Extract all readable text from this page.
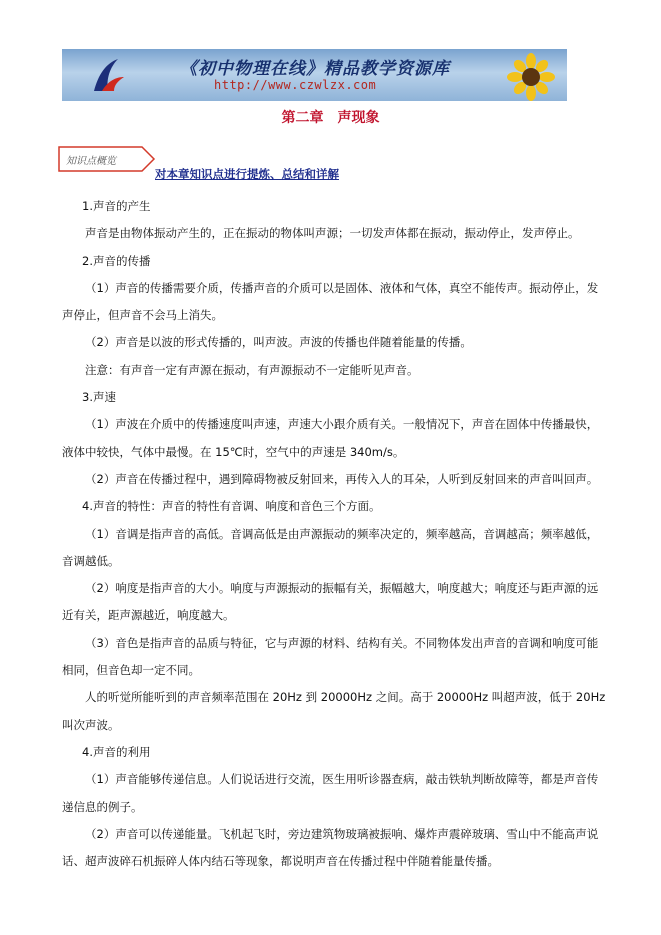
《初中物理在线》精品教学资源库
http://www.czwlzx.com
第二章 声现象
知识点概览
对本章知识点进行提炼、总结和详解

1.声音的产生

声音是由物体振动产生的，正在振动的物体叫声源；一切发声体都在振动，振动停止，发声停止。

2.声音的传播

（1）声音的传播需要介质，传播声音的介质可以是固体、液体和气体，真空不能传声。振动停止，发声停止，但声音不会马上消失。

（2）声音是以波的形式传播的，叫声波。声波的传播也伴随着能量的传播。

注意：有声音一定有声源在振动，有声源振动不一定能听见声音。

3.声速

（1）声波在介质中的传播速度叫声速，声速大小跟介质有关。一般情况下，声音在固体中传播最快，液体中较快，气体中最慢。在 15℃时，空气中的声速是 340m/s。

（2）声音在传播过程中，遇到障碍物被反射回来，再传入人的耳朵，人听到反射回来的声音叫回声。

4.声音的特性：声音的特性有音调、响度和音色三个方面。

（1）音调是指声音的高低。音调高低是由声源振动的频率决定的，频率越高，音调越高；频率越低，音调越低。

（2）响度是指声音的大小。响度与声源振动的振幅有关，振幅越大，响度越大；响度还与距声源的远近有关，距声源越近，响度越大。

（3）音色是指声音的品质与特征，它与声源的材料、结构有关。不同物体发出声音的音调和响度可能相同，但音色却一定不同。

人的听觉所能听到的声音频率范围在 20Hz 到 20000Hz 之间。高于 20000Hz 叫超声波，低于 20Hz 叫次声波。

4.声音的利用

（1）声音能够传递信息。人们说话进行交流，医生用听诊器查病，敲击铁轨判断故障等，都是声音传递信息的例子。

（2）声音可以传递能量。飞机起飞时，旁边建筑物玻璃被振响、爆炸声震碎玻璃、雪山中不能高声说话、超声波碎石机振碎人体内结石等现象，都说明声音在传播过程中伴随着能量传播。
